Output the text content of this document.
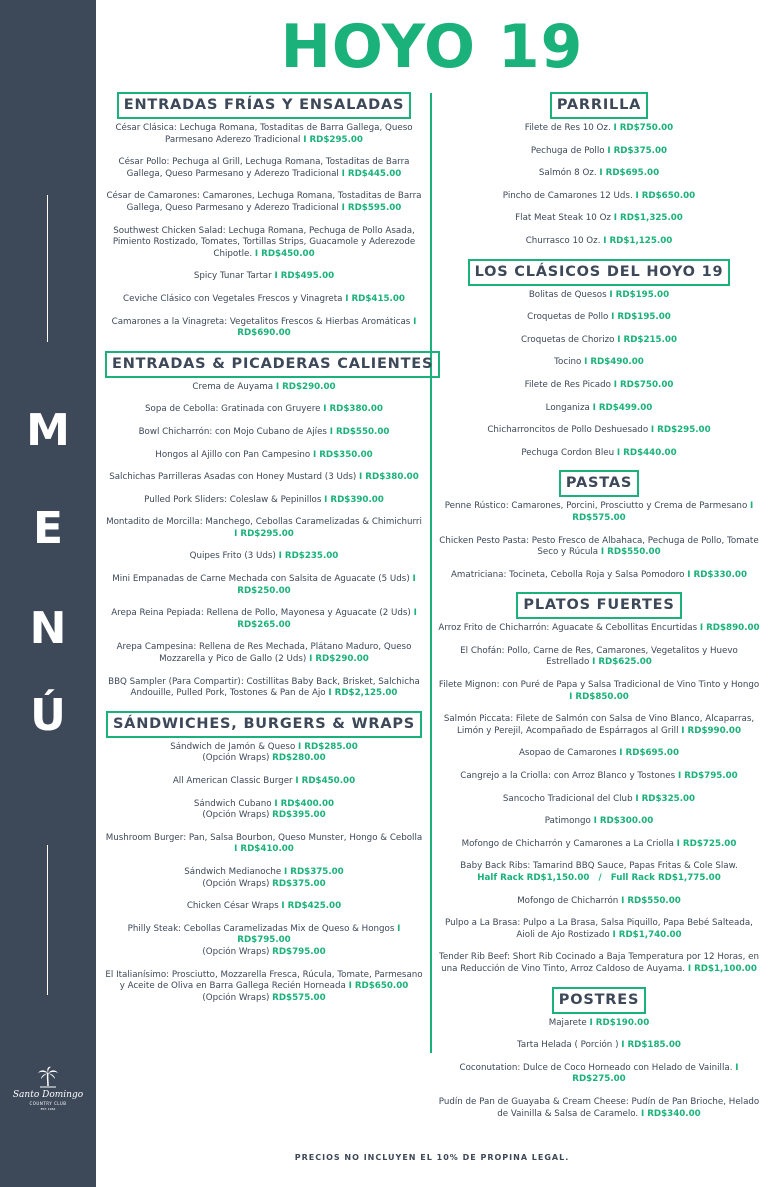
M
E
N
Ú
Santo Domingo
COUNTRY CLUB
EST. 1964
HOYO 19
ENTRADAS FRÍAS Y ENSALADAS
César Clásica: Lechuga Romana, Tostaditas de Barra Gallega, Queso Parmesano Aderezo Tradicional I RD$295.00
César Pollo: Pechuga al Grill, Lechuga Romana, Tostaditas de Barra Gallega, Queso Parmesano y Aderezo Tradicional I RD$445.00
César de Camarones: Camarones, Lechuga Romana, Tostaditas de Barra Gallega, Queso Parmesano y Aderezo Tradicional I RD$595.00
Southwest Chicken Salad: Lechuga Romana, Pechuga de Pollo Asada, Pimiento Rostizado, Tomates, Tortillas Strips, Guacamole y Aderezode Chipotle. I RD$450.00
Spicy Tunar Tartar I RD$495.00
Ceviche Clásico con Vegetales Frescos y Vinagreta I RD$415.00
Camarones a la Vinagreta: Vegetalitos Frescos & Hierbas Aromáticas I RD$690.00
ENTRADAS & PICADERAS CALIENTES
Crema de Auyama I RD$290.00
Sopa de Cebolla: Gratinada con Gruyere I RD$380.00
Bowl Chicharrón: con Mojo Cubano de Ajíes I RD$550.00
Hongos al Ajillo con Pan Campesino I RD$350.00
Salchichas Parrilleras Asadas con Honey Mustard (3 Uds) I RD$380.00
Pulled Pork Sliders: Coleslaw & Pepinillos I RD$390.00
Montadito de Morcilla: Manchego, Cebollas Caramelizadas & Chimichurri I RD$295.00
Quipes Frito (3 Uds) I RD$235.00
Mini Empanadas de Carne Mechada con Salsita de Aguacate (5 Uds) I RD$250.00
Arepa Reina Pepiada: Rellena de Pollo, Mayonesa y Aguacate (2 Uds) I RD$265.00
Arepa Campesina: Rellena de Res Mechada, Plátano Maduro, Queso Mozzarella y Pico de Gallo (2 Uds) I RD$290.00
BBQ Sampler (Para Compartir): Costillitas Baby Back, Brisket, Salchicha Andouille, Pulled Pork, Tostones & Pan de Ajo I RD$2,125.00
SÁNDWICHES, BURGERS & WRAPS
Sándwich de Jamón & Queso I RD$285.00
(Opción Wraps) RD$280.00
All American Classic Burger I RD$450.00
Sándwich Cubano I RD$400.00
(Opción Wraps) RD$395.00
Mushroom Burger: Pan, Salsa Bourbon, Queso Munster, Hongo & Cebolla I RD$410.00
Sándwich Medianoche I RD$375.00
(Opción Wraps) RD$375.00
Chicken César Wraps I RD$425.00
Philly Steak: Cebollas Caramelizadas Mix de Queso & Hongos I RD$795.00
(Opción Wraps) RD$795.00
El Italianísimo: Prosciutto, Mozzarella Fresca, Rúcula, Tomate, Parmesano y Aceite de Oliva en Barra Gallega Recién Horneada I RD$650.00
(Opción Wraps) RD$575.00
PARRILLA
Filete de Res 10 Oz. I RD$750.00
Pechuga de Pollo I RD$375.00
Salmón 8 Oz. I RD$695.00
Pincho de Camarones 12 Uds. I RD$650.00
Flat Meat Steak 10 Oz I RD$1,325.00
Churrasco 10 Oz. I RD$1,125.00
LOS CLÁSICOS DEL HOYO 19
Bolitas de Quesos I RD$195.00
Croquetas de Pollo I RD$195.00
Croquetas de Chorizo I RD$215.00
Tocino I RD$490.00
Filete de Res Picado I RD$750.00
Longaniza I RD$499.00
Chicharroncitos de Pollo Deshuesado I RD$295.00
Pechuga Cordon Bleu I RD$440.00
PASTAS
Penne Rústico: Camarones, Porcini, Prosciutto y Crema de Parmesano I RD$575.00
Chicken Pesto Pasta: Pesto Fresco de Albahaca, Pechuga de Pollo, Tomate Seco y Rúcula I RD$550.00
Amatriciana: Tocineta, Cebolla Roja y Salsa Pomodoro I RD$330.00
PLATOS FUERTES
Arroz Frito de Chicharrón: Aguacate & Cebollitas Encurtidas I RD$890.00
El Chofán: Pollo, Carne de Res, Camarones, Vegetalitos y Huevo Estrellado I RD$625.00
Filete Mignon: con Puré de Papa y Salsa Tradicional de Vino Tinto y Hongo I RD$850.00
Salmón Piccata: Filete de Salmón con Salsa de Vino Blanco, Alcaparras, Limón y Perejil, Acompañado de Espárragos al Grill I RD$990.00
Asopao de Camarones I RD$695.00
Cangrejo a la Criolla: con Arroz Blanco y Tostones I RD$795.00
Sancocho Tradicional del Club I RD$325.00
Patimongo I RD$300.00
Mofongo de Chicharrón y Camarones a La Criolla I RD$725.00
Baby Back Ribs: Tamarind BBQ Sauce, Papas Fritas & Cole Slaw.
Half Rack RD$1,150.00   /   Full Rack RD$1,775.00
Mofongo de Chicharrón I RD$550.00
Pulpo a La Brasa: Pulpo a La Brasa, Salsa Piquillo, Papa Bebé Salteada, Aioli de Ajo Rostizado I RD$1,740.00
Tender Rib Beef: Short Rib Cocinado a Baja Temperatura por 12 Horas, en una Reducción de Vino Tinto, Arroz Caldoso de Auyama. I RD$1,100.00
POSTRES
Majarete I RD$190.00
Tarta Helada ( Porción ) I RD$185.00
Coconutation: Dulce de Coco Horneado con Helado de Vainilla. I RD$275.00
Pudín de Pan de Guayaba & Cream Cheese: Pudín de Pan Brioche, Helado de Vainilla & Salsa de Caramelo. I RD$340.00
PRECIOS NO INCLUYEN EL 10% DE PROPINA LEGAL.
